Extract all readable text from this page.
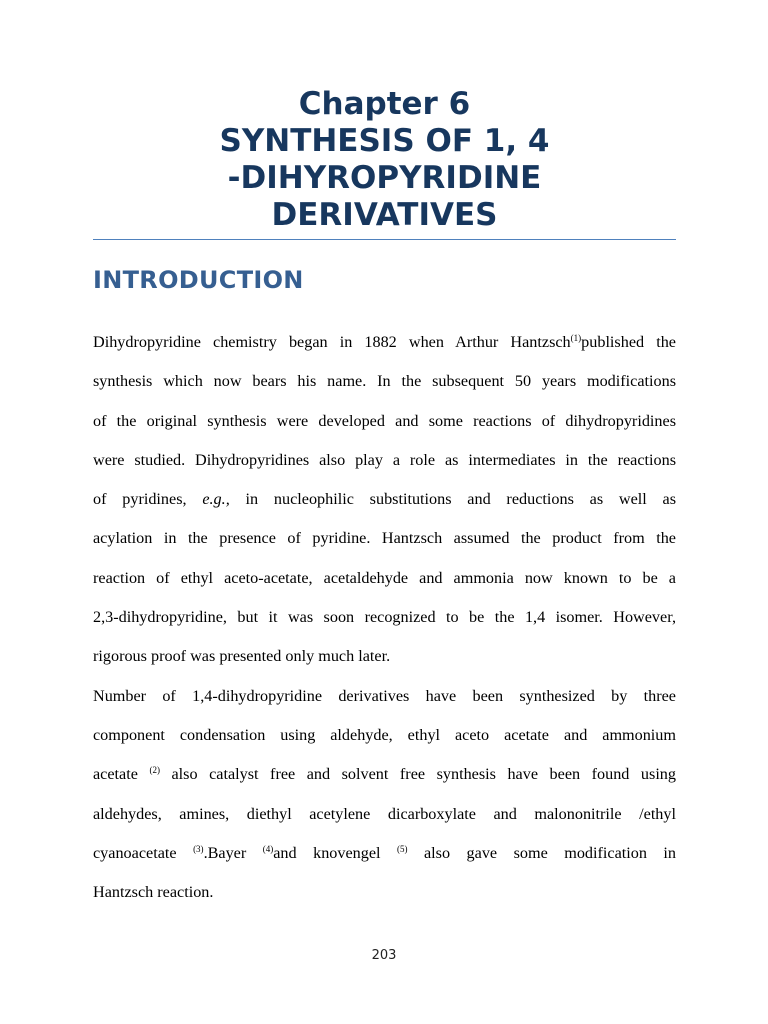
Chapter 6
SYNTHESIS OF 1, 4
-DIHYROPYRIDINE
DERIVATIVES
INTRODUCTION
Dihydropyridine chemistry began in 1882 when Arthur Hantzsch$^{(1)}$published the
synthesis which now bears his name. In the subsequent 50 years modifications
of the original synthesis were developed and some reactions of dihydropyridines
were studied. Dihydropyridines also play a role as intermediates in the reactions
of pyridines, e.g., in nucleophilic substitutions and reductions as well as
acylation in the presence of pyridine. Hantzsch assumed the product from the
reaction of ethyl aceto-acetate, acetaldehyde and ammonia now known to be a
2,3-dihydropyridine, but it was soon recognized to be the 1,4 isomer. However,
rigorous proof was presented only much later.
Number of 1,4-dihydropyridine derivatives have been synthesized by three
component condensation using aldehyde, ethyl aceto acetate and ammonium
acetate $^{(2)}$ also catalyst free and solvent free synthesis have been found using
aldehydes, amines, diethyl acetylene dicarboxylate and malononitrile /ethyl
cyanoacetate $^{(3)}$.Bayer $^{(4)}$and knovengel $^{(5)}$ also gave some modification in
Hantzsch reaction.
203
